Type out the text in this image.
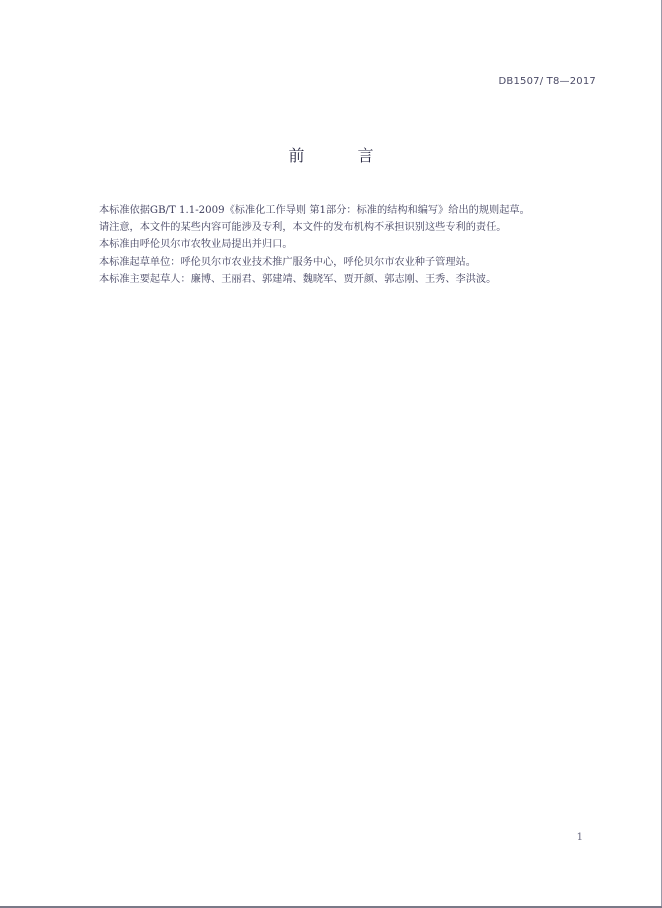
DB1507/ T8—2017
前 言

本标准依据GB/T 1.1-2009《标准化工作导则 第1部分：标准的结构和编写》给出的规则起草。

请注意，本文件的某些内容可能涉及专利，本文件的发布机构不承担识别这些专利的责任。

本标准由呼伦贝尔市农牧业局提出并归口。

本标准起草单位：呼伦贝尔市农业技术推广服务中心，呼伦贝尔市农业种子管理站。

本标准主要起草人：廉博、王丽君、郭建靖、魏晓军、贾开颜、郭志刚、王秀、李洪波。

1
